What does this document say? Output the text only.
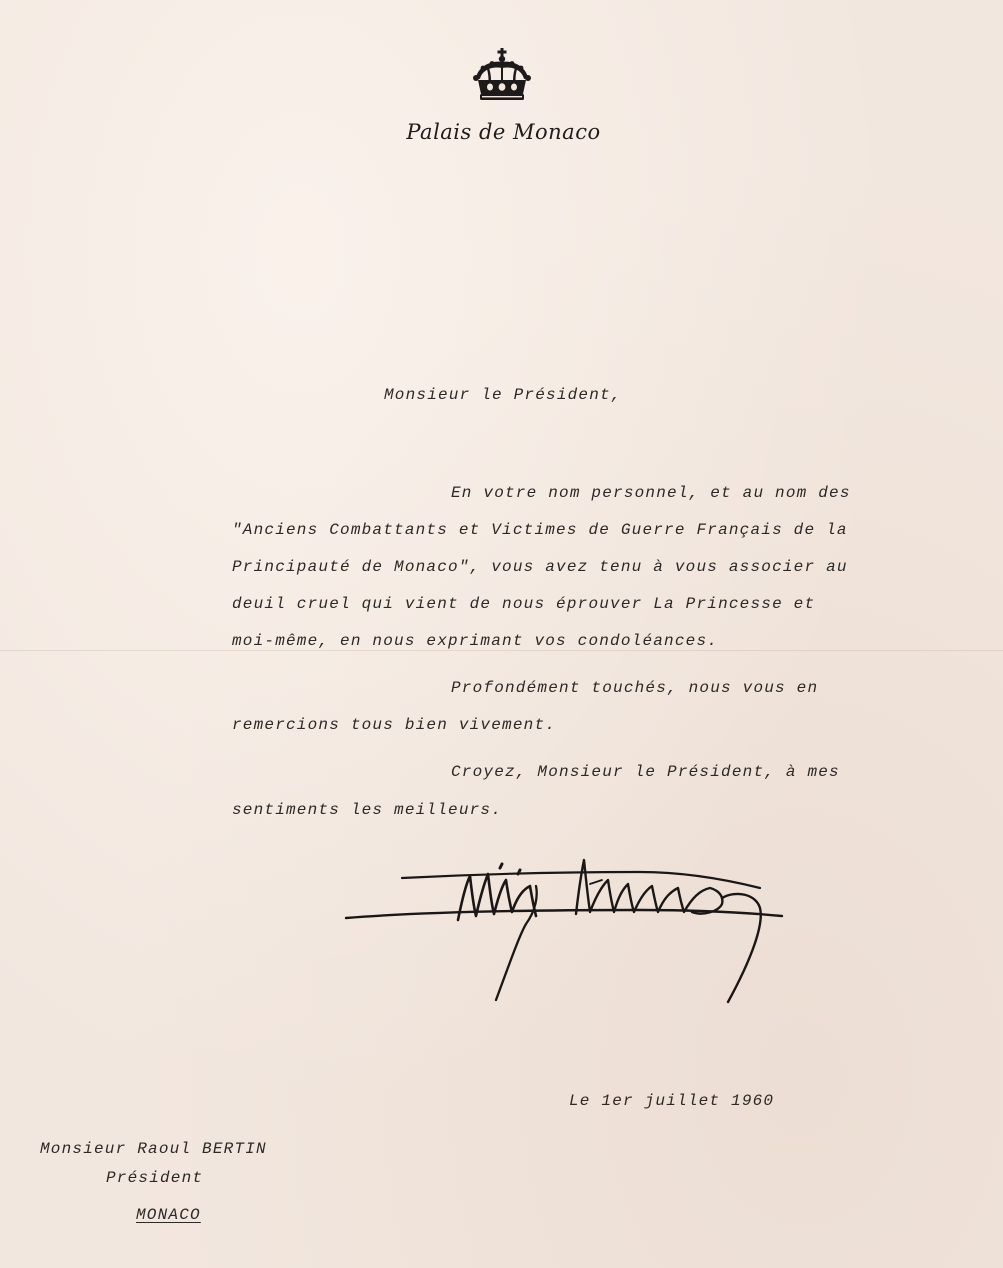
Palais de Monaco
Monsieur le Président,
En votre nom personnel, et au nom des
"Anciens Combattants et Victimes de Guerre Français de la
Principauté de Monaco", vous avez tenu à vous associer au
deuil cruel qui vient de nous éprouver La Princesse et
moi-même, en nous exprimant vos condoléances.
Profondément touchés, nous vous en
remercions tous bien vivement.
Croyez, Monsieur le Président, à mes
sentiments les meilleurs.
Le 1er juillet 1960
Monsieur Raoul BERTIN
Président
MONACO
